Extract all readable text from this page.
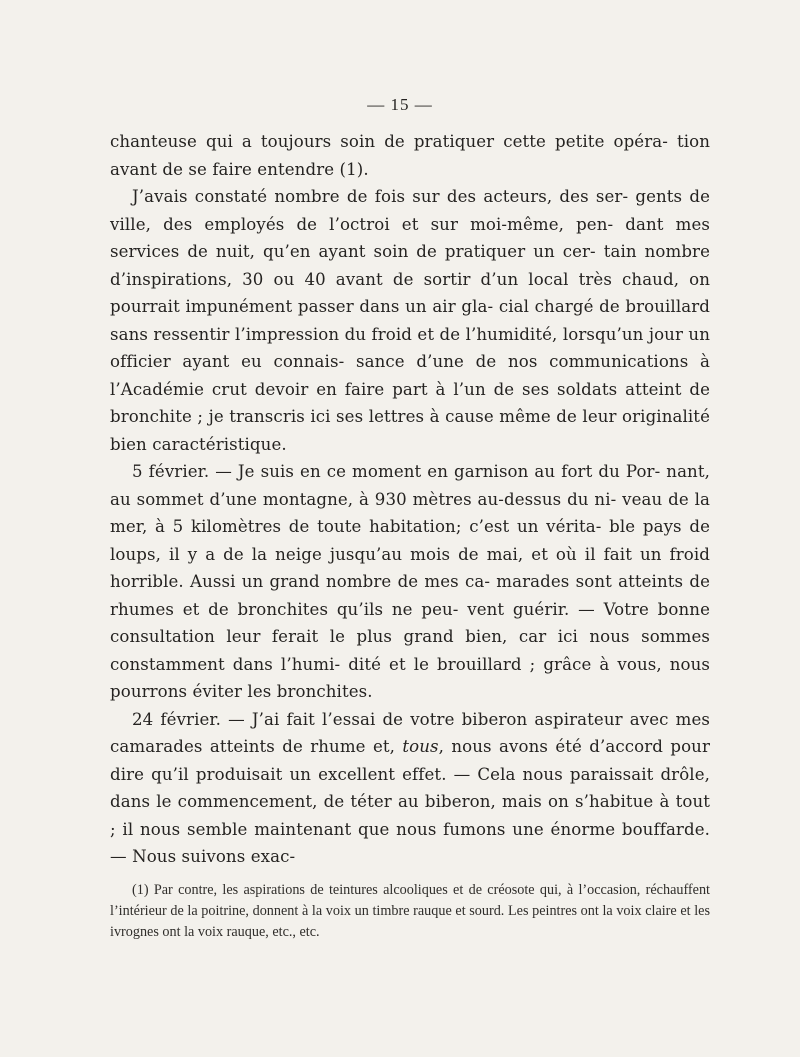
— 15 —

chanteuse qui a toujours soin de pratiquer cette petite opéra- tion avant de se faire entendre (1).

J’avais constaté nombre de fois sur des acteurs, des ser- gents de ville, des employés de l’octroi et sur moi-même, pen- dant mes services de nuit, qu’en ayant soin de pratiquer un cer- tain nombre d’inspirations, 30 ou 40 avant de sortir d’un local très chaud, on pourrait impunément passer dans un air gla- cial chargé de brouillard sans ressentir l’impression du froid et de l’humidité, lorsqu’un jour un officier ayant eu connais- sance d’une de nos communications à l’Académie crut devoir en faire part à l’un de ses soldats atteint de bronchite ; je transcris ici ses lettres à cause même de leur originalité bien caractéristique.

5 février. — Je suis en ce moment en garnison au fort du Por- nant, au sommet d’une montagne, à 930 mètres au-dessus du ni- veau de la mer, à 5 kilomètres de toute habitation; c’est un vérita- ble pays de loups, il y a de la neige jusqu’au mois de mai, et où il fait un froid horrible. Aussi un grand nombre de mes ca- marades sont atteints de rhumes et de bronchites qu’ils ne peu- vent guérir. — Votre bonne consultation leur ferait le plus grand bien, car ici nous sommes constamment dans l’humi- dité et le brouillard ; grâce à vous, nous pourrons éviter les bronchites.

24 février. — J’ai fait l’essai de votre biberon aspirateur avec mes camarades atteints de rhume et, tous, nous avons été d’accord pour dire qu’il produisait un excellent effet. — Cela nous paraissait drôle, dans le commencement, de téter au biberon, mais on s’habitue à tout ; il nous semble maintenant que nous fumons une énorme bouffarde. — Nous suivons exac-

(1) Par contre, les aspirations de teintures alcooliques et de créosote qui, à l’occasion, réchauffent l’intérieur de la poitrine, donnent à la voix un timbre rauque et sourd. Les peintres ont la voix claire et les ivrognes ont la voix rauque, etc., etc.
